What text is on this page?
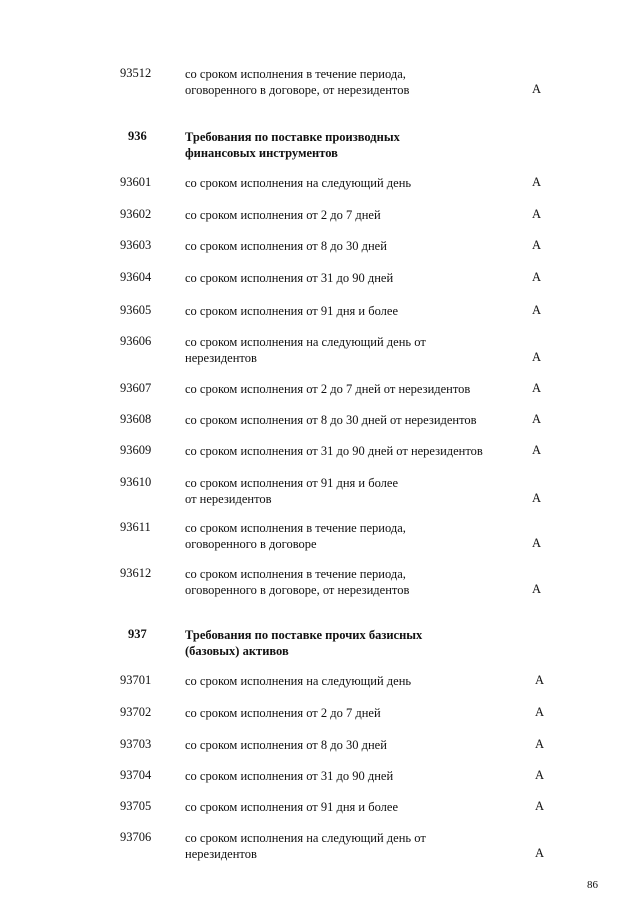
93512	со сроком исполнения в течение периода,
оговоренного в договоре, от нерезидентов	А
936	Требования по поставке производных
финансовых инструментов
93601	со сроком исполнения на следующий день	А
93602	со сроком исполнения от 2 до 7 дней	А
93603	со сроком исполнения от 8 до 30 дней	А
93604	со сроком исполнения от 31 до 90 дней	А
93605	со сроком исполнения от 91 дня и более	А
93606	со сроком исполнения на следующий день от
нерезидентов	А
93607	со сроком исполнения от 2 до 7 дней от нерезидентов	А
93608	со сроком исполнения от 8 до 30 дней от нерезидентов	А
93609	со сроком исполнения от 31 до 90 дней от нерезидентов	А
93610	со сроком исполнения от 91 дня и более
от нерезидентов	А
93611	со сроком исполнения в течение периода,
оговоренного в договоре	А
93612	со сроком исполнения в течение периода,
оговоренного в договоре, от нерезидентов	А
937	Требования по поставке прочих базисных
(базовых) активов
93701	со сроком исполнения на следующий день	А
93702	со сроком исполнения от 2 до 7 дней	А
93703	со сроком исполнения от 8 до 30 дней	А
93704	со сроком исполнения от 31 до 90 дней	А
93705	со сроком исполнения от 91 дня и более	А
93706	со сроком исполнения на следующий день от
нерезидентов	А
86
